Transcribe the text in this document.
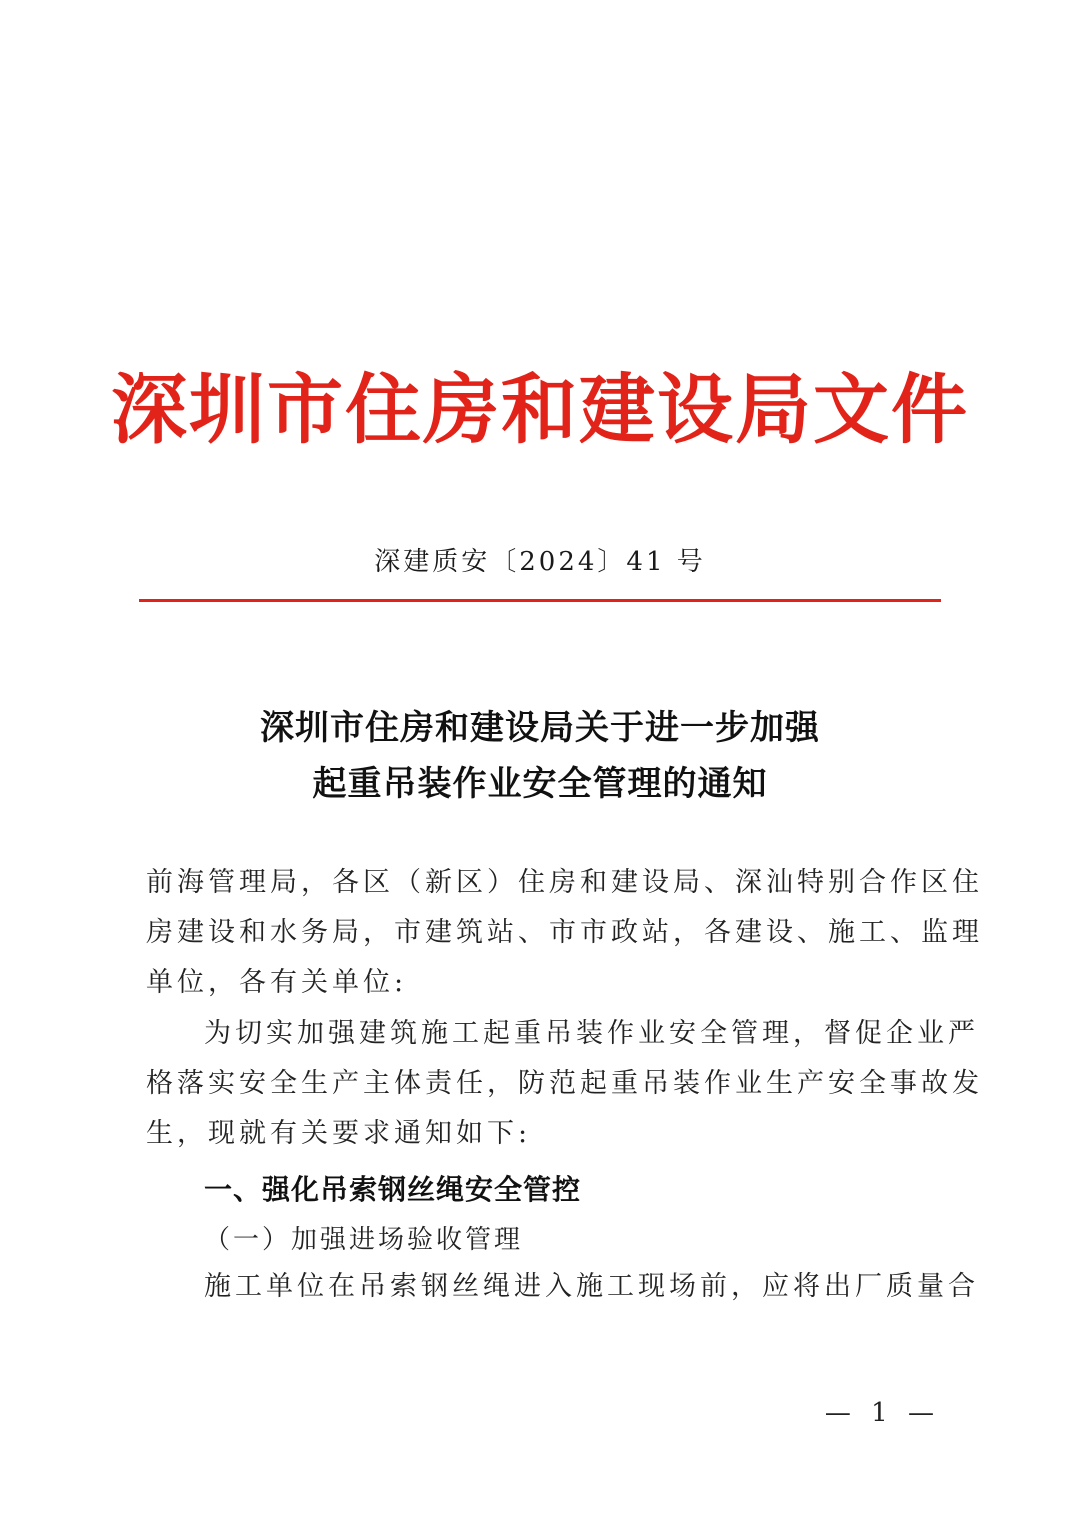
深圳市住房和建设局文件
深建质安〔2024〕41 号
深圳市住房和建设局关于进一步加强
起重吊装作业安全管理的通知
前海管理局，各区（新区）住房和建设局、深汕特别合作区住
房建设和水务局，市建筑站、市市政站，各建设、施工、监理
单位，各有关单位:
为切实加强建筑施工起重吊装作业安全管理，督促企业严
格落实安全生产主体责任，防范起重吊装作业生产安全事故发
生，现就有关要求通知如下:
一、强化吊索钢丝绳安全管控
（一）加强进场验收管理
施工单位在吊索钢丝绳进入施工现场前，应将出厂质量合
— 1 —
